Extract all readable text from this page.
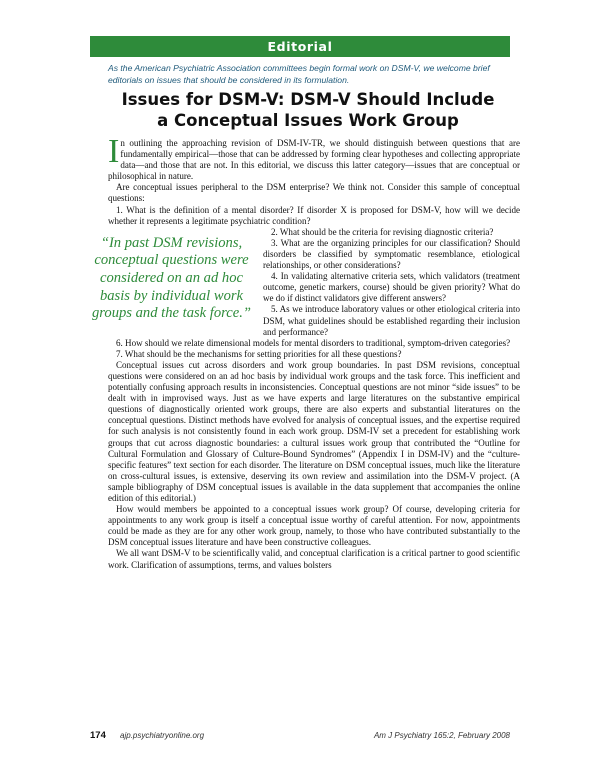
Editorial
As the American Psychiatric Association committees begin formal work on DSM-V, we welcome brief editorials on issues that should be considered in its formulation.
Issues for DSM-V: DSM-V Should Include
a Conceptual Issues Work Group

In outlining the approaching revision of DSM-IV-TR, we should distinguish between questions that are fundamentally empirical—those that can be addressed by forming clear hypotheses and collecting appropriate data—and those that are not. In this editorial, we discuss this latter category—issues that are conceptual or philosophical in nature.

Are conceptual issues peripheral to the DSM enterprise? We think not. Consider this sample of conceptual questions:

1. What is the definition of a mental disorder? If disorder X is proposed for DSM-V, how will we decide whether it represents a legitimate psychiatric condition?

“In past DSM revisions, conceptual questions were considered on an ad hoc basis by individual work groups and the task force.”

2. What should be the criteria for revising diagnostic criteria?

3. What are the organizing principles for our classification? Should disorders be classified by symptomatic resemblance, etiological relationships, or other considerations?

4. In validating alternative criteria sets, which validators (treatment outcome, genetic markers, course) should be given priority? What do we do if distinct validators give different answers?

5. As we introduce laboratory values or other etiological criteria into DSM, what guidelines should be established regarding their inclusion and performance?

6. How should we relate dimensional models for mental disorders to traditional, symptom-driven categories?

7. What should be the mechanisms for setting priorities for all these questions?

Conceptual issues cut across disorders and work group boundaries. In past DSM revisions, conceptual questions were considered on an ad hoc basis by individual work groups and the task force. This inefficient and potentially confusing approach results in inconsistencies. Conceptual questions are not minor “side issues” to be dealt with in improvised ways. Just as we have experts and large literatures on the substantive empirical questions of diagnostically oriented work groups, there are also experts and substantial literatures on the conceptual questions. Distinct methods have evolved for analysis of conceptual issues, and the expertise required for such analysis is not consistently found in each work group. DSM-IV set a precedent for establishing work groups that cut across diagnostic boundaries: a cultural issues work group that contributed the “Outline for Cultural Formulation and Glossary of Culture-Bound Syndromes” (Appendix I in DSM-IV) and the “culture-specific features” text section for each disorder. The literature on DSM conceptual issues, much like the literature on cross-cultural issues, is extensive, deserving its own review and assimilation into the DSM-V project. (A sample bibliography of DSM conceptual issues is available in the data supplement that accompanies the online edition of this editorial.)

How would members be appointed to a conceptual issues work group? Of course, developing criteria for appointments to any work group is itself a conceptual issue worthy of careful attention. For now, appointments could be made as they are for any other work group, namely, to those who have contributed substantially to the DSM conceptual issues literature and have been constructive colleagues.

We all want DSM-V to be scientifically valid, and conceptual clarification is a critical partner to good scientific work. Clarification of assumptions, terms, and values bolsters

174 ajp.psychiatryonline.org	Am J Psychiatry 165:2, February 2008
